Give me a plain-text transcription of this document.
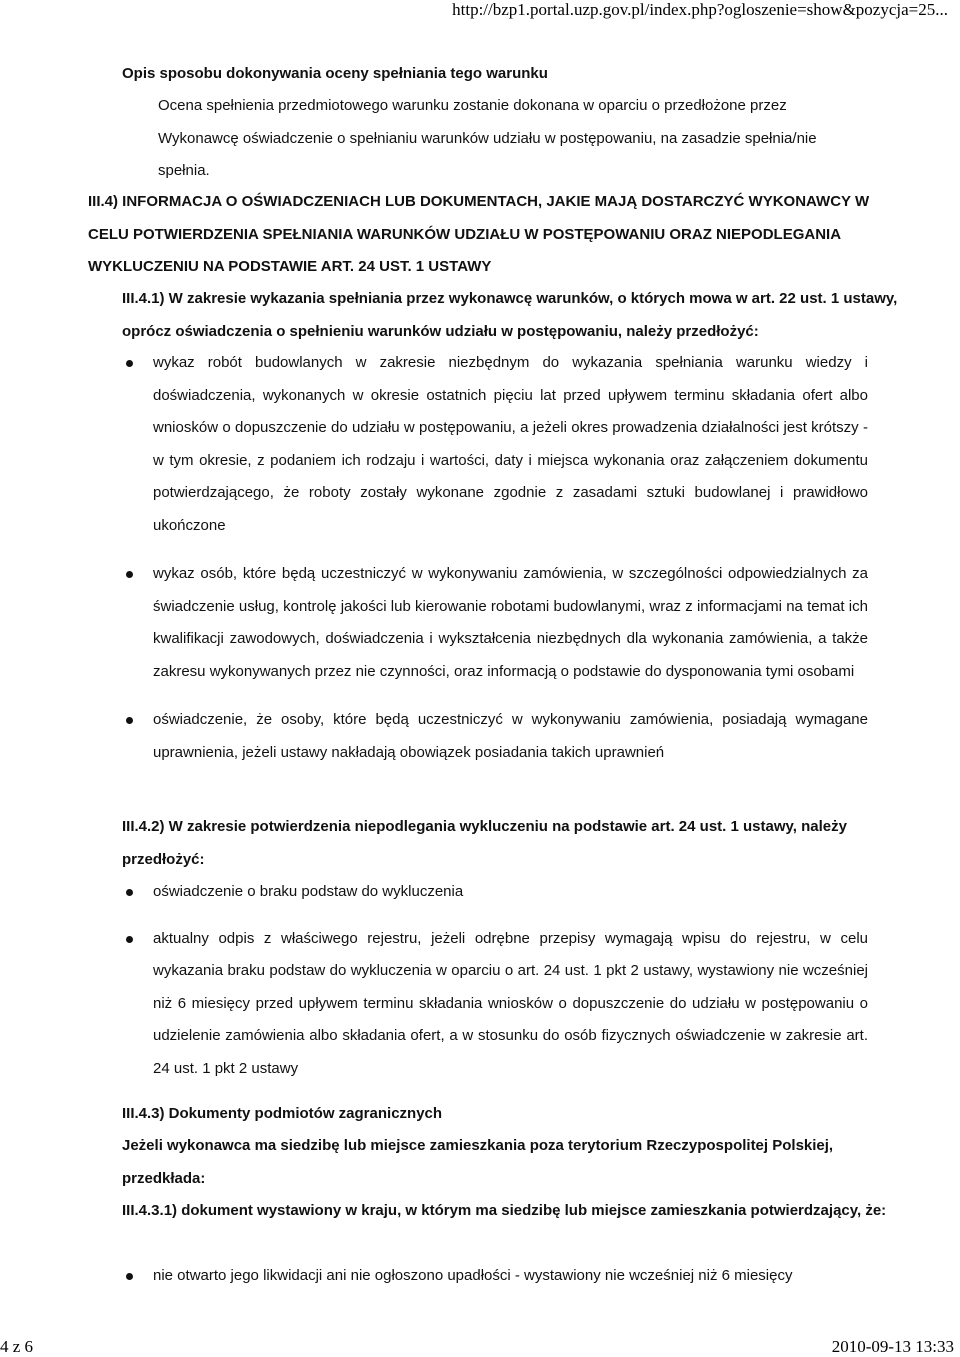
http://bzp1.portal.uzp.gov.pl/index.php?ogloszenie=show&pozycja=25...
Opis sposobu dokonywania oceny spełniania tego warunku

Ocena spełnienia przedmiotowego warunku zostanie dokonana w oparciu o przedłożone przez Wykonawcę oświadczenie o spełnianiu warunków udziału w postępowaniu, na zasadzie spełnia/nie spełnia.

III.4) INFORMACJA O OŚWIADCZENIACH LUB DOKUMENTACH, JAKIE MAJĄ DOSTARCZYĆ WYKONAWCY W CELU POTWIERDZENIA SPEŁNIANIA WARUNKÓW UDZIAŁU W POSTĘPOWANIU ORAZ NIEPODLEGANIA WYKLUCZENIU NA PODSTAWIE ART. 24 UST. 1 USTAWY

III.4.1) W zakresie wykazania spełniania przez wykonawcę warunków, o których mowa w art. 22 ust. 1 ustawy, oprócz oświadczenia o spełnieniu warunków udziału w postępowaniu, należy przedłożyć:

wykaz robót budowlanych w zakresie niezbędnym do wykazania spełniania warunku wiedzy i doświadczenia, wykonanych w okresie ostatnich pięciu lat przed upływem terminu składania ofert albo wniosków o dopuszczenie do udziału w postępowaniu, a jeżeli okres prowadzenia działalności jest krótszy - w tym okresie, z podaniem ich rodzaju i wartości, daty i miejsca wykonania oraz załączeniem dokumentu potwierdzającego, że roboty zostały wykonane zgodnie z zasadami sztuki budowlanej i prawidłowo ukończone
wykaz osób, które będą uczestniczyć w wykonywaniu zamówienia, w szczególności odpowiedzialnych za świadczenie usług, kontrolę jakości lub kierowanie robotami budowlanymi, wraz z informacjami na temat ich kwalifikacji zawodowych, doświadczenia i wykształcenia niezbędnych dla wykonania zamówienia, a także zakresu wykonywanych przez nie czynności, oraz informacją o podstawie do dysponowania tymi osobami
oświadczenie, że osoby, które będą uczestniczyć w wykonywaniu zamówienia, posiadają wymagane uprawnienia, jeżeli ustawy nakładają obowiązek posiadania takich uprawnień

III.4.2) W zakresie potwierdzenia niepodlegania wykluczeniu na podstawie art. 24 ust. 1 ustawy, należy przedłożyć:

oświadczenie o braku podstaw do wykluczenia
aktualny odpis z właściwego rejestru, jeżeli odrębne przepisy wymagają wpisu do rejestru, w celu wykazania braku podstaw do wykluczenia w oparciu o art. 24 ust. 1 pkt 2 ustawy, wystawiony nie wcześniej niż 6 miesięcy przed upływem terminu składania wniosków o dopuszczenie do udziału w postępowaniu o udzielenie zamówienia albo składania ofert, a w stosunku do osób fizycznych oświadczenie w zakresie art. 24 ust. 1 pkt 2 ustawy

III.4.3) Dokumenty podmiotów zagranicznych

Jeżeli wykonawca ma siedzibę lub miejsce zamieszkania poza terytorium Rzeczypospolitej Polskiej, przedkłada:

III.4.3.1) dokument wystawiony w kraju, w którym ma siedzibę lub miejsce zamieszkania potwierdzający, że:

nie otwarto jego likwidacji ani nie ogłoszono upadłości - wystawiony nie wcześniej niż 6 miesięcy
4 z 6	2010-09-13 13:33
